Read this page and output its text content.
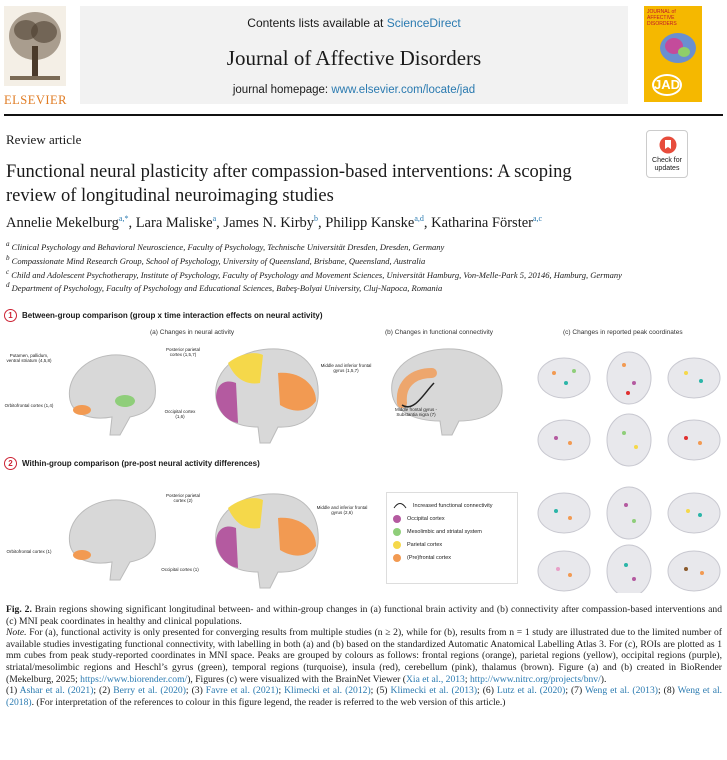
ELSEVIER
Contents lists available at ScienceDirect
Journal of Affective Disorders
journal homepage: www.elsevier.com/locate/jad
JOURNAL of AFFECTIVE DISORDERS
JAD
Review article
Functional neural plasticity after compassion-based interventions: A scoping review of longitudinal neuroimaging studies
Check for updates
Annelie Mekelburg$^{a,*}$, Lara Maliske$^a$, James N. Kirby$^b$, Philipp Kanske$^{a,d}$, Katharina Förster$^{a,c}$
$^a$ Clinical Psychology and Behavioral Neuroscience, Faculty of Psychology, Technische Universität Dresden, Dresden, Germany
$^b$ Compassionate Mind Research Group, School of Psychology, University of Queensland, Brisbane, Queensland, Australia
$^c$ Child and Adolescent Psychotherapy, Institute of Psychology, Faculty of Psychology and Movement Sciences, Universität Hamburg, Von-Melle-Park 5, 20146, Hamburg, Germany
$^d$ Department of Psychology, Faculty of Psychology and Educational Sciences, Babeş-Bolyai University, Cluj-Napoca, Romania
1	Between-group comparison (group x time interaction effects on neural activity)
(a) Changes in neural activity	(b) Changes in functional connectivity	(c) Changes in reported peak coordinates
Putamen, pallidum, ventral striatum (4,5,8)
Orbitofrontal cortex (1,4)
Posterior parietal cortex (1,5,7)
Occipital cortex (1,6)
Middle and inferior frontal gyrus (1,5,7)
Middle frontal gyrus - Substantia nigra (7)
2	Within-group comparison (pre-post neural activity differences)
Orbitofrontal cortex (1)
Posterior parietal cortex (2)
Occipital cortex (1)
Middle and inferior frontal gyrus (2,6)
Increased functional connectivity
Occipital cortex
Mesolimbic and striatal system
Parietal cortex
(Pre)frontal cortex

Fig. 2. Brain regions showing significant longitudinal between- and within-group changes in (a) functional brain activity and (b) connectivity after compassion-based interventions and (c) MNI peak coordinates in healthy and clinical populations.

Note. For (a), functional activity is only presented for converging results from multiple studies (n ≥ 2), while for (b), results from n = 1 study are illustrated due to the limited number of available studies investigating functional connectivity, with labelling in both (a) and (b) based on the standardized Automatic Anatomical Labelling Atlas 3. For (c), ROIs are plotted as 1 mm cubes from peak study-reported coordinates in MNI space. Peaks are grouped by colours as follows: frontal regions (orange), parietal regions (yellow), occipital regions (purple), striatal/mesolimbic regions and Heschl’s gyrus (green), temporal regions (turquoise), insula (red), cerebellum (pink), thalamus (brown). Figure (a) and (b) created in BioRender (Mekelburg, 2025; https://www.biorender.com/), Figures (c) were visualized with the BrainNet Viewer (Xia et al., 2013; http://www.nitrc.org/projects/bnv/).

(1) Ashar et al. (2021); (2) Berry et al. (2020); (3) Favre et al. (2021); Klimecki et al. (2012); (5) Klimecki et al. (2013); (6) Lutz et al. (2020); (7) Weng et al. (2013); (8) Weng et al. (2018). (For interpretation of the references to colour in this figure legend, the reader is referred to the web version of this article.)
